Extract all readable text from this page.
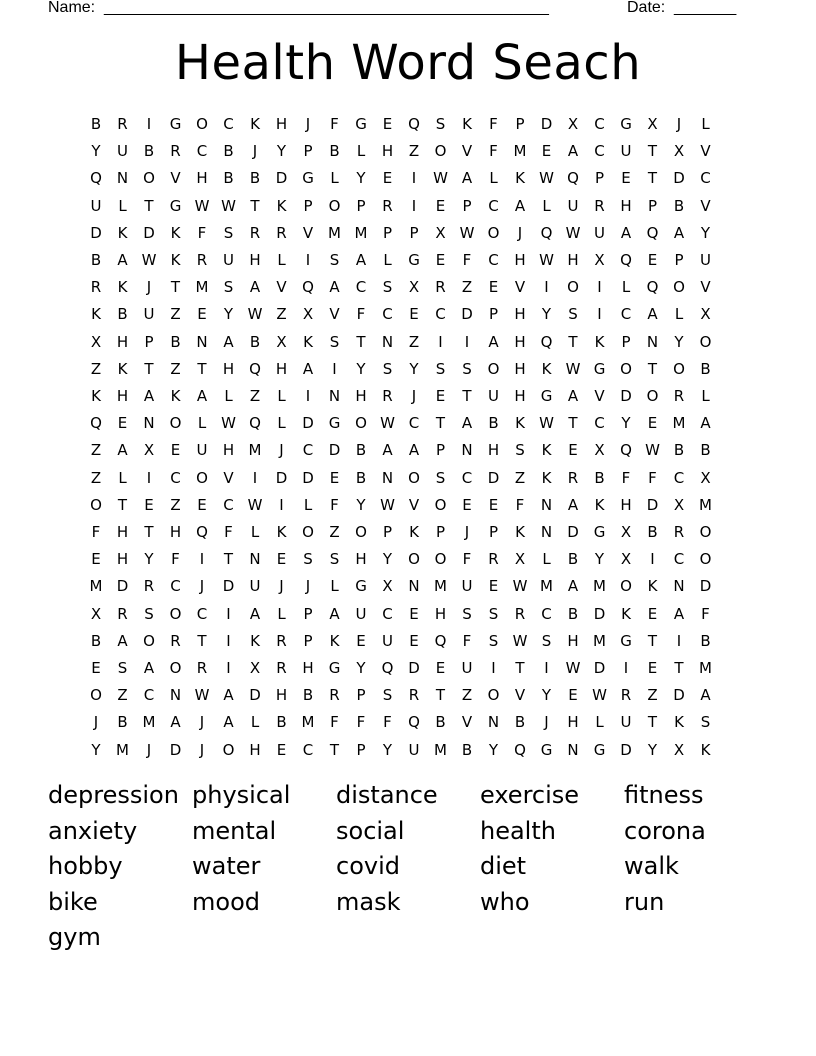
Name: __________________________________________________	Date: _______
Health Word Seach
B	R	I	G O	C	K	H	J	F	G	E	Q	S	K	F	P	D	X	C	G	X	J	L
Y	U	B	R	C	B	J	Y	P	B	L	H	Z	O	V	F	M	E	A	C	U	T	X	V
Q N O	V	H	B	B	D G	L	Y	E	I	W A	L	K W Q	P	E	T	D	C
U	L	T	G W W T	K	P	O	P	R	I	E	P	C	A	L	U	R	H	P	B	V
D	K	D	K	F	S	R	R	V M M	P	P	X W O	J	Q W U	A	Q	A	Y
B	A W K	R	U	H	L	I	S	A	L	G	E	F	C	H W H	X	Q	E	P	U
R	K	J	T	M	S	A	V	Q	A	C	S	X	R	Z	E	V	I	O	I	L	Q O	V
K	B	U	Z	E	Y W Z	X	V	F	C	E	C	D	P	H	Y	S	I	C	A	L	X
X	H	P	B	N	A	B	X	K	S	T	N	Z	I	I	A	H Q	T	K	P	N	Y	O
Z	K	T	Z	T	H Q H	A	I	Y	S	Y	S	S	O H	K W G O	T	O	B
K	H	A	K	A	L	Z	L	I	N	H	R	J	E	T	U	H	G	A	V	D O	R	L
Q	E	N O	L W Q	L	D G O W C	T	A	B	K W T	C	Y	E	M A
Z	A	X	E	U	H M	J	C	D	B	A	A	P	N	H	S	K	E	X	Q W B	B
Z	L	I	C	O	V	I	D D	E	B	N O	S	C	D	Z	K	R	B	F	F	C	X
O	T	E	Z	E	C W	I	L	F	Y W V	O	E	E	F	N	A	K	H	D	X M
F	H	T	H Q	F	L	K	O	Z	O	P	K	P	J	P	K	N	D G	X	B	R	O
E	H	Y	F	I	T	N	E	S	S	H	Y	O O	F	R	X	L	B	Y	X	I	C	O
M D	R	C	J	D	U	J	J	L	G	X	N M U	E W M A M O	K	N	D
X	R	S	O	C	I	A	L	P	A	U	C	E	H	S	S	R	C	B	D	K	E	A	F
B	A	O	R	T	I	K	R	P	K	E	U	E	Q	F	S W S	H M G	T	I	B
E	S	A	O	R	I	X	R	H	G	Y	Q D	E	U	I	T	I	W D	I	E	T	M
O	Z	C	N W A	D	H	B	R	P	S	R	T	Z	O	V	Y	E W R	Z	D	A
J	B M A	J	A	L	B M	F	F	F	Q	B	V	N	B	J	H	L	U	T	K	S
Y	M	J	D	J	O H	E	C	T	P	Y	U M B	Y	Q G	N	G D	Y	X	K
depression physical distance exercise fitness
anxiety mental social	health	corona
hobby	water	covid	diet	walk
bike	mood	mask	who	run
gym
